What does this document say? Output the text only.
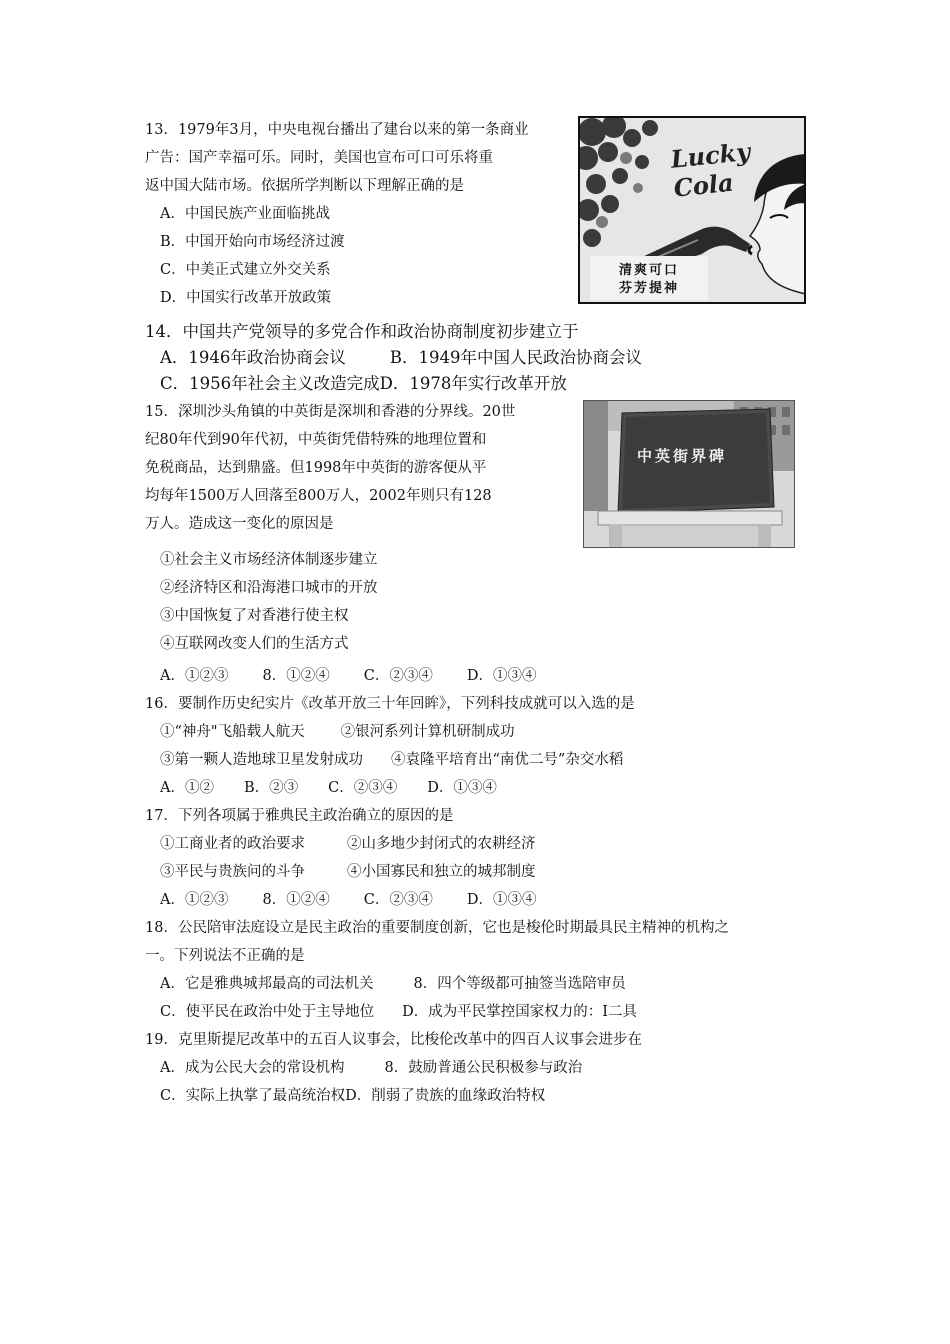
13．1979年3月，中央电视台播出了建台以来的第一条商业
广告：国产幸福可乐。同时，美国也宣布可口可乐将重
返中国大陆市场。依据所学判断以下理解正确的是
A．中国民族产业面临挑战
B．中国开始向市场经济过渡
C．中美正式建立外交关系
D．中国实行改革开放政策
Lucky Cola
清爽可口
芬芳提神
14．中国共产党领导的多党合作和政治协商制度初步建立于
A．1946年政治协商会议	B．1949年中国人民政治协商会议
C．1956年社会主义改造完成D．1978年实行改革开放
15．深圳沙头角镇的中英街是深圳和香港的分界线。20世
纪80年代到90年代初，中英街凭借特殊的地理位置和
免税商品，达到鼎盛。但1998年中英街的游客便从平
均每年1500万人回落至800万人，2002年则只有128
万人。造成这一变化的原因是
中英街界碑
①社会主义市场经济体制逐步建立
②经济特区和沿海港口城市的开放
③中国恢复了对香港行使主权
④互联网改变人们的生活方式
A．①②③ 8．①②④ C．②③④ D．①③④
16．要制作历史纪实片《改革开放三十年回眸》，下列科技成就可以入选的是
①“神舟"飞船载人航天 ②银河系列计算机研制成功
③第一颗人造地球卫星发射成功 ④袁隆平培育出“南优二号”杂交水稻
A．①② B．②③ C．②③④ D．①③④
17．下列各项属于雅典民主政治确立的原因的是
①工商业者的政治要求	②山多地少封闭式的农耕经济
③平民与贵族问的斗争	④小国寡民和独立的城邦制度
A．①②③ 8．①②④ C．②③④ D．①③④
18．公民陪审法庭设立是民主政治的重要制度创新，它也是梭伦时期最具民主精神的机构之
一。下列说法不正确的是
A．它是雅典城邦最高的司法机关	8．四个等级都可抽签当选陪审员
C．使平民在政治中处于主导地位 D．成为平民掌控国家权力的：I二具
19．克里斯提尼改革中的五百人议事会，比梭伦改革中的四百人议事会进步在
A．成为公民大会的常设机构	8．鼓励普通公民积极参与政治
C．实际上执掌了最高统治权D．削弱了贵族的血缘政治特权
